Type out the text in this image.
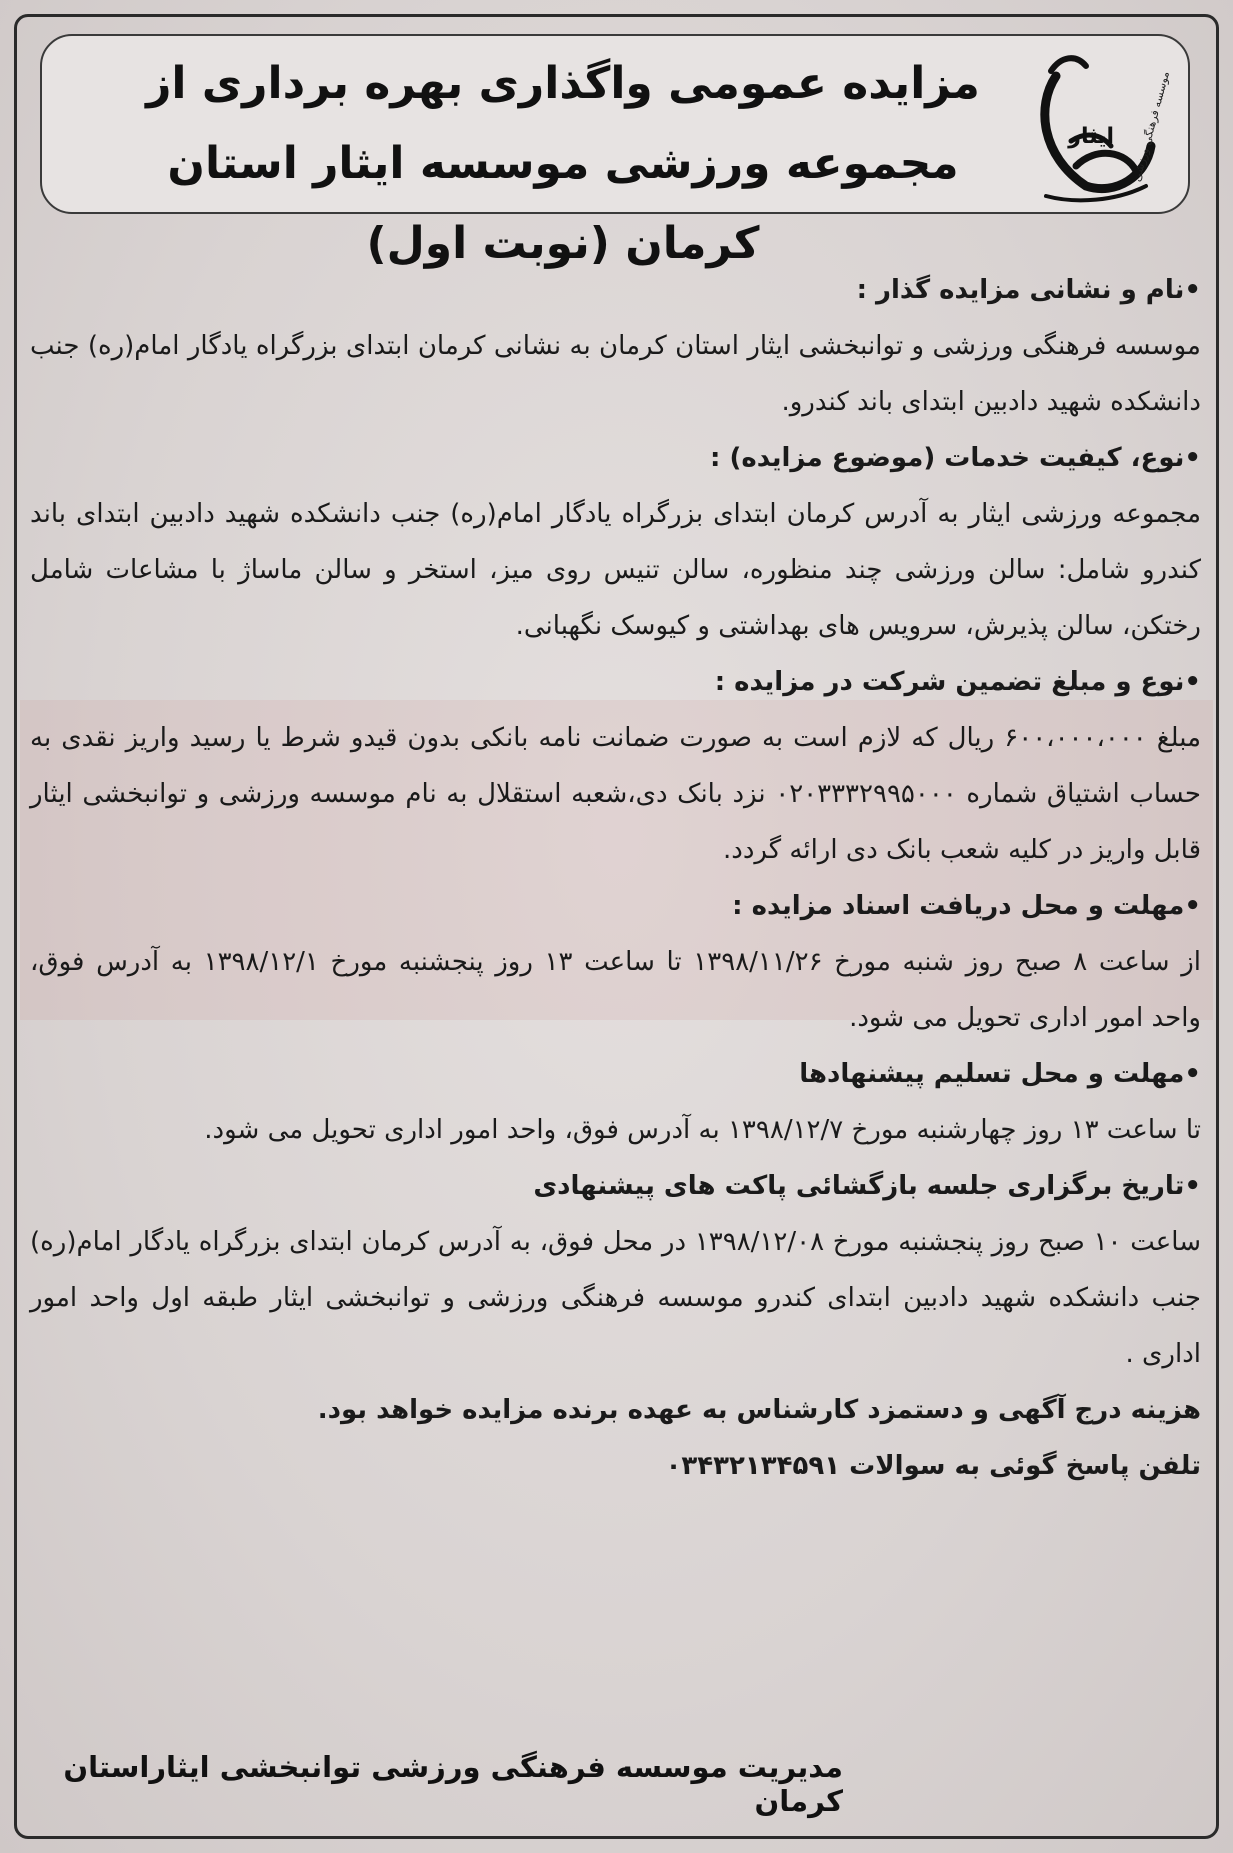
مزایده عمومی واگذاری بهره برداری از مجموعه ورزشی موسسه ایثار استان کرمان (نوبت اول)
ایثار موسسه فرهنگی ورزشی

•نام و نشانی مزایده گذار :

موسسه فرهنگی ورزشی و توانبخشی ایثار استان کرمان به نشانی کرمان ابتدای بزرگراه یادگار امام(ره) جنب دانشکده شهید دادبین ابتدای باند کندرو.

•نوع، کیفیت خدمات (موضوع مزایده) :

مجموعه ورزشی ایثار به آدرس کرمان ابتدای بزرگراه یادگار امام(ره) جنب دانشکده شهید دادبین ابتدای باند کندرو شامل: سالن ورزشی چند منظوره، سالن تنیس روی میز، استخر و سالن ماساژ با مشاعات شامل رختکن، سالن پذیرش، سرویس های بهداشتی و کیوسک نگهبانی.

•نوع و مبلغ تضمین شرکت در مزایده :

مبلغ ۶۰۰،۰۰۰،۰۰۰ ریال که لازم است به صورت ضمانت نامه بانکی بدون قیدو شرط یا رسید واریز نقدی به حساب اشتیاق شماره ۰۲۰۳۳۳۲۹۹۵۰۰۰ نزد بانک دی،شعبه استقلال به نام موسسه ورزشی و توانبخشی ایثار قابل واریز در کلیه شعب بانک دی ارائه گردد.

•مهلت و محل دریافت اسناد مزایده :

از ساعت ۸ صبح روز شنبه مورخ ۱۳۹۸/۱۱/۲۶ تا ساعت ۱۳ روز پنجشنبه مورخ ۱۳۹۸/۱۲/۱ به آدرس فوق، واحد امور اداری تحویل می شود.

•مهلت و محل تسلیم پیشنهادها

تا ساعت ۱۳ روز چهارشنبه مورخ ۱۳۹۸/۱۲/۷ به آدرس فوق، واحد امور اداری تحویل می شود.

•تاریخ برگزاری جلسه بازگشائی پاکت های پیشنهادی

ساعت ۱۰ صبح روز پنجشنبه مورخ ۱۳۹۸/۱۲/۰۸ در محل فوق، به آدرس کرمان ابتدای بزرگراه یادگار امام(ره) جنب دانشکده شهید دادبین ابتدای کندرو موسسه فرهنگی ورزشی و توانبخشی ایثار طبقه اول واحد امور اداری .

هزینه درج آگهی و دستمزد کارشناس به عهده برنده مزایده خواهد بود.

تلفن پاسخ گوئی به سوالات ۰۳۴۳۲۱۳۴۵۹۱

مدیریت موسسه فرهنگی ورزشی توانبخشی ایثاراستان کرمان
